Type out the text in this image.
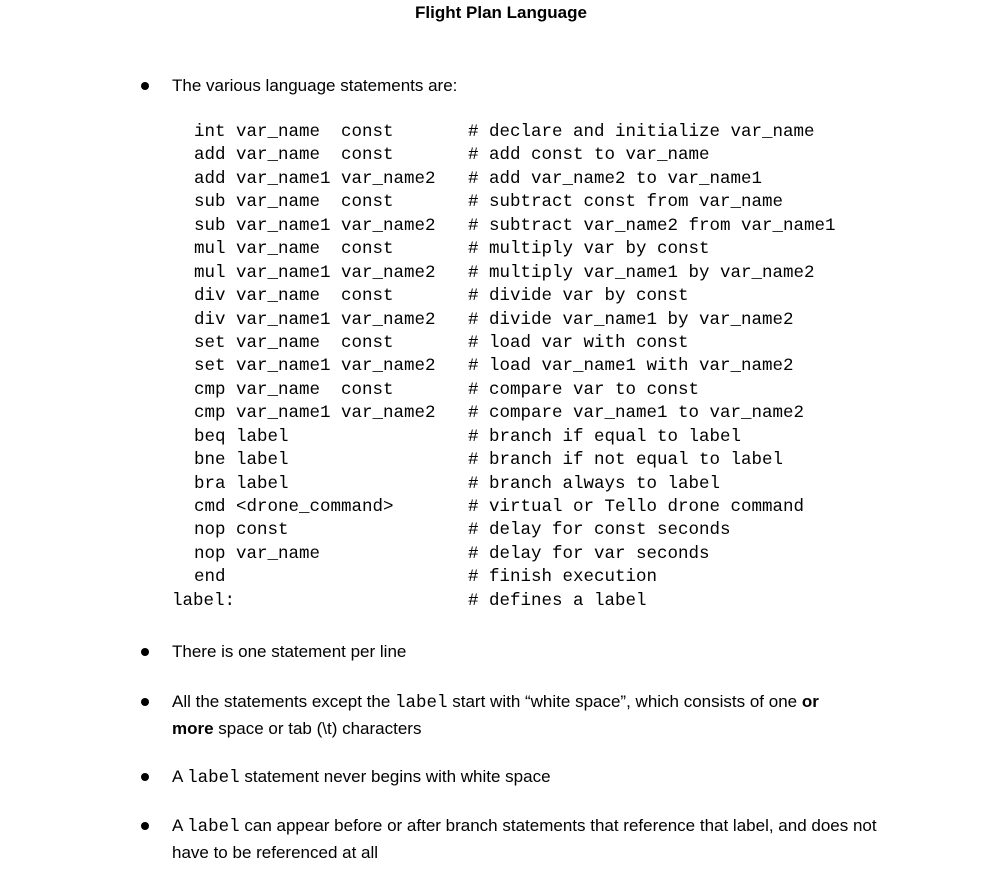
Flight Plan Language
The various language statements are:
int var_name  const	# declare and initialize var_name
add var_name  const	# add const to var_name
add var_name1 var_name2 # add var_name2 to var_name1
sub var_name  const	# subtract const from var_name
sub var_name1 var_name2 # subtract var_name2 from var_name1
mul var_name  const	# multiply var by const
mul var_name1 var_name2 # multiply var_name1 by var_name2
div var_name  const	# divide var by const
div var_name1 var_name2 # divide var_name1 by var_name2
set var_name  const	# load var with const
set var_name1 var_name2 # load var_name1 with var_name2
cmp var_name  const	# compare var to const
cmp var_name1 var_name2 # compare var_name1 to var_name2
beq label	# branch if equal to label
bne label	# branch if not equal to label
bra label	# branch always to label
cmd <drone_command>	# virtual or Tello drone command
nop const	# delay for const seconds
nop var_name	# delay for var seconds
end	# finish execution
label:	# defines a label
There is one statement per line
All the statements except the label start with “white space”, which consists of one or
more space or tab (\t) characters
A label statement never begins with white space
A label can appear before or after branch statements that reference that label, and does not have to be referenced at all
